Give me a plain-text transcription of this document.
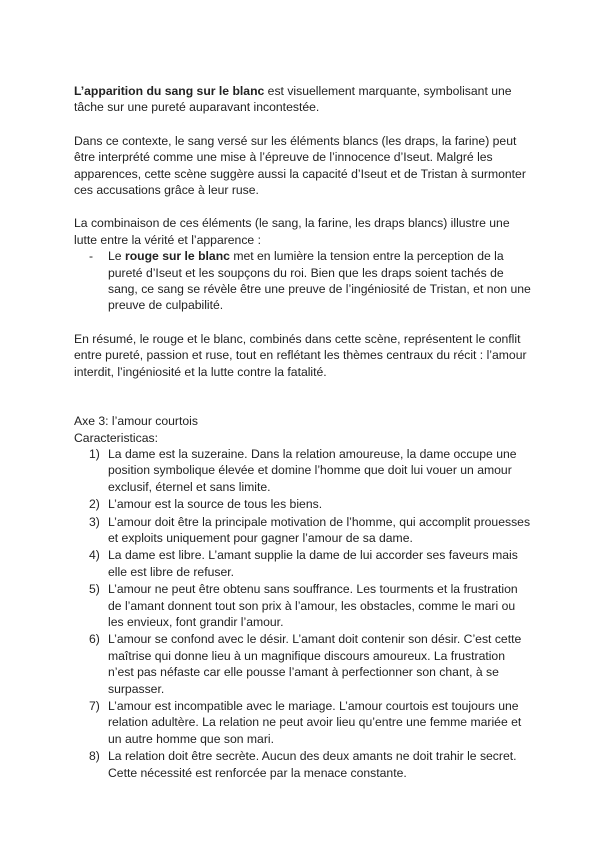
L’apparition du sang sur le blanc est visuellement marquante, symbolisant une tâche sur une pureté auparavant incontestée.

Dans ce contexte, le sang versé sur les éléments blancs (les draps, la farine) peut être interprété comme une mise à l’épreuve de l’innocence d’Iseut. Malgré les apparences, cette scène suggère aussi la capacité d’Iseut et de Tristan à surmonter ces accusations grâce à leur ruse.

La combinaison de ces éléments (le sang, la farine, les draps blancs) illustre une lutte entre la vérité et l’apparence :

- Le rouge sur le blanc met en lumière la tension entre la perception de la pureté d’Iseut et les soupçons du roi. Bien que les draps soient tachés de sang, ce sang se révèle être une preuve de l’ingéniosité de Tristan, et non une preuve de culpabilité.

En résumé, le rouge et le blanc, combinés dans cette scène, représentent le conflit entre pureté, passion et ruse, tout en reflétant les thèmes centraux du récit : l’amour interdit, l’ingéniosité et la lutte contre la fatalité.

Axe 3: l’amour courtois

Caracteristicas:

1) La dame est la suzeraine. Dans la relation amoureuse, la dame occupe une position symbolique élevée et domine l’homme que doit lui vouer un amour exclusif, éternel et sans limite.
2) L’amour est la source de tous les biens.
3) L’amour doit être la principale motivation de l’homme, qui accomplit prouesses et exploits uniquement pour gagner l’amour de sa dame.
4) La dame est libre. L’amant supplie la dame de lui accorder ses faveurs mais elle est libre de refuser.
5) L’amour ne peut être obtenu sans souffrance. Les tourments et la frustration de l’amant donnent tout son prix à l’amour, les obstacles, comme le mari ou les envieux, font grandir l’amour.
6) L’amour se confond avec le désir. L’amant doit contenir son désir. C’est cette maîtrise qui donne lieu à un magnifique discours amoureux. La frustration n’est pas néfaste car elle pousse l’amant à perfectionner son chant, à se surpasser.
7) L’amour est incompatible avec le mariage. L’amour courtois est toujours une relation adultère. La relation ne peut avoir lieu qu’entre une femme mariée et un autre homme que son mari.
8) La relation doit être secrète. Aucun des deux amants ne doit trahir le secret. Cette nécessité est renforcée par la menace constante.
